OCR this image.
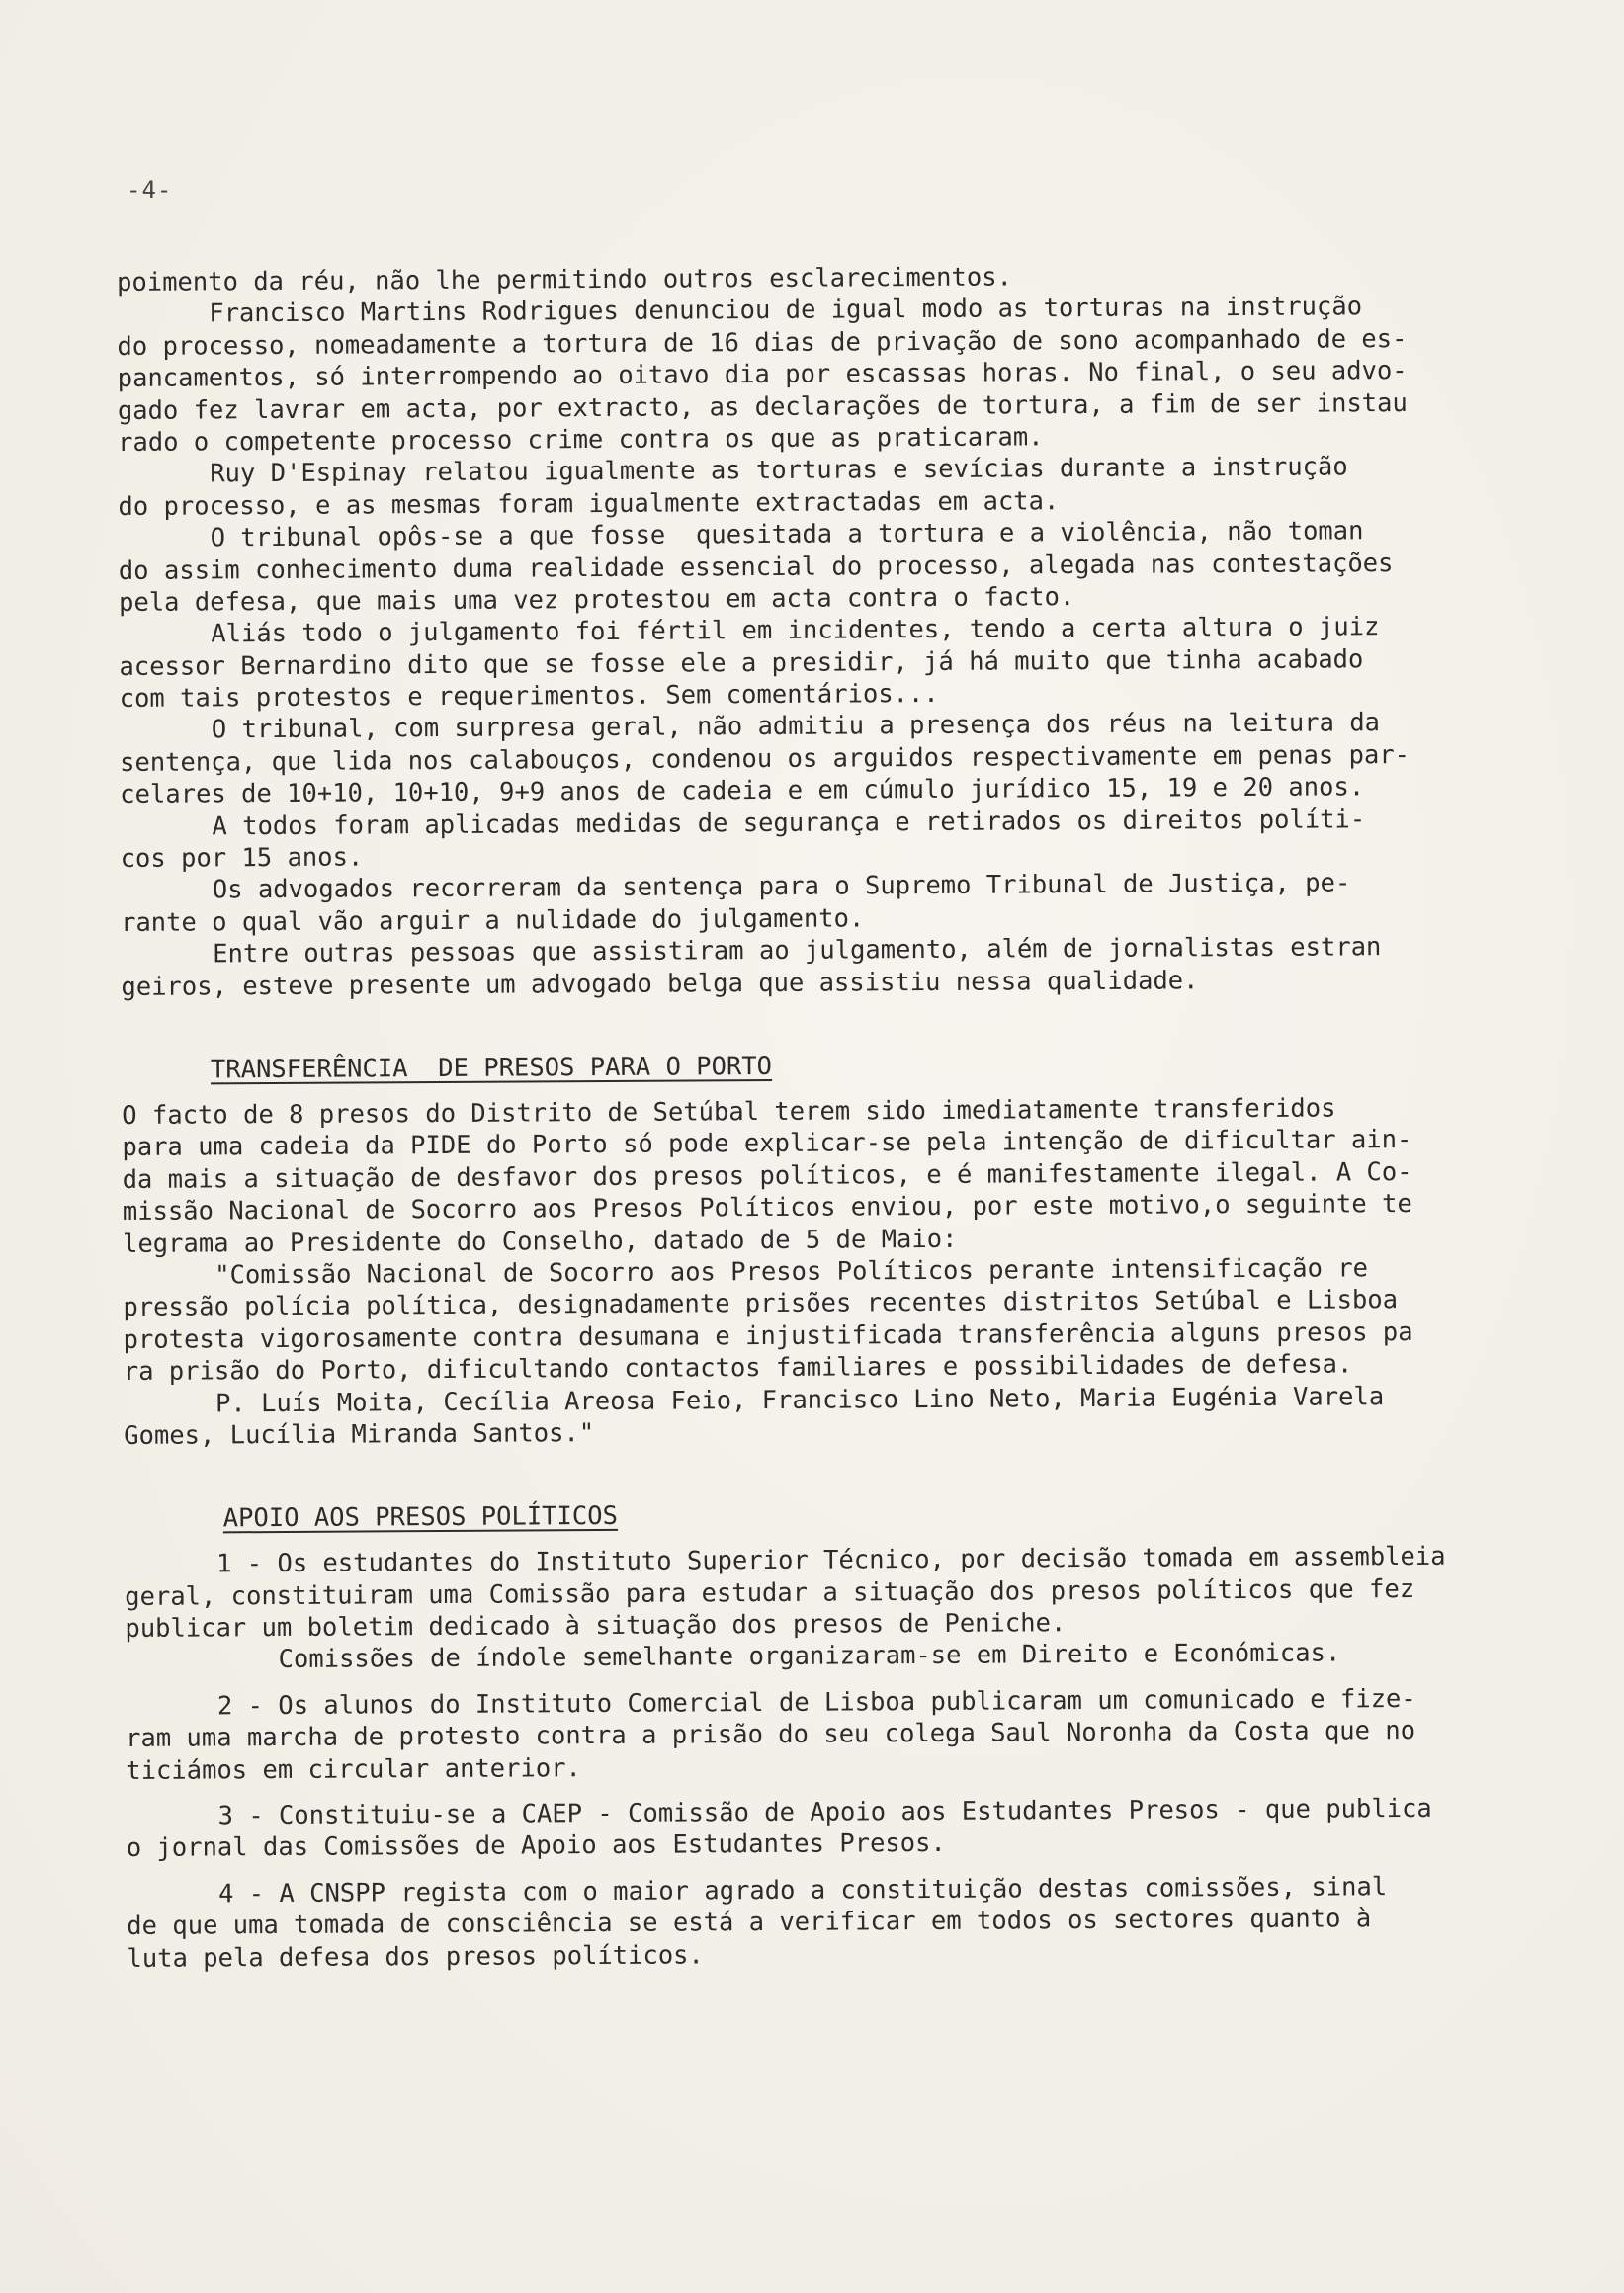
-4-
poimento da réu, não lhe permitindo outros esclarecimentos.
Francisco Martins Rodrigues denunciou de igual modo as torturas na instrução
do processo, nomeadamente a tortura de 16 dias de privação de sono acompanhado de es-
pancamentos, só interrompendo ao oitavo dia por escassas horas. No final, o seu advo-
gado fez lavrar em acta, por extracto, as declarações de tortura, a fim de ser instau
rado o competente processo crime contra os que as praticaram.
Ruy D'Espinay relatou igualmente as torturas e sevícias durante a instrução
do processo, e as mesmas foram igualmente extractadas em acta.
O tribunal opôs-se a que fosse  quesitada a tortura e a violência, não toman
do assim conhecimento duma realidade essencial do processo, alegada nas contestações
pela defesa, que mais uma vez protestou em acta contra o facto.
Aliás todo o julgamento foi fértil em incidentes, tendo a certa altura o juiz
acessor Bernardino dito que se fosse ele a presidir, já há muito que tinha acabado
com tais protestos e requerimentos. Sem comentários...
O tribunal, com surpresa geral, não admitiu a presença dos réus na leitura da
sentença, que lida nos calabouços, condenou os arguidos respectivamente em penas par-
celares de 10+10, 10+10, 9+9 anos de cadeia e em cúmulo jurídico 15, 19 e 20 anos.
A todos foram aplicadas medidas de segurança e retirados os direitos políti-
cos por 15 anos.
Os advogados recorreram da sentença para o Supremo Tribunal de Justiça, pe-
rante o qual vão arguir a nulidade do julgamento.
Entre outras pessoas que assistiram ao julgamento, além de jornalistas estran
geiros, esteve presente um advogado belga que assistiu nessa qualidade.
TRANSFERÊNCIA  DE PRESOS PARA O PORTO
O facto de 8 presos do Distrito de Setúbal terem sido imediatamente transferidos
para uma cadeia da PIDE do Porto só pode explicar-se pela intenção de dificultar ain-
da mais a situação de desfavor dos presos políticos, e é manifestamente ilegal. A Co-
missão Nacional de Socorro aos Presos Políticos enviou, por este motivo,o seguinte te
legrama ao Presidente do Conselho, datado de 5 de Maio:
"Comissão Nacional de Socorro aos Presos Políticos perante intensificação re
pressão polícia política, designadamente prisões recentes distritos Setúbal e Lisboa
protesta vigorosamente contra desumana e injustificada transferência alguns presos pa
ra prisão do Porto, dificultando contactos familiares e possibilidades de defesa.
P. Luís Moita, Cecília Areosa Feio, Francisco Lino Neto, Maria Eugénia Varela
Gomes, Lucília Miranda Santos."
APOIO AOS PRESOS POLÍTICOS
1 - Os estudantes do Instituto Superior Técnico, por decisão tomada em assembleia
geral, constituiram uma Comissão para estudar a situação dos presos políticos que fez
publicar um boletim dedicado à situação dos presos de Peniche.
Comissões de índole semelhante organizaram-se em Direito e Económicas.
2 - Os alunos do Instituto Comercial de Lisboa publicaram um comunicado e fize-
ram uma marcha de protesto contra a prisão do seu colega Saul Noronha da Costa que no
ticiámos em circular anterior.
3 - Constituiu-se a CAEP - Comissão de Apoio aos Estudantes Presos - que publica
o jornal das Comissões de Apoio aos Estudantes Presos.
4 - A CNSPP regista com o maior agrado a constituição destas comissões, sinal
de que uma tomada de consciência se está a verificar em todos os sectores quanto à
luta pela defesa dos presos políticos.
